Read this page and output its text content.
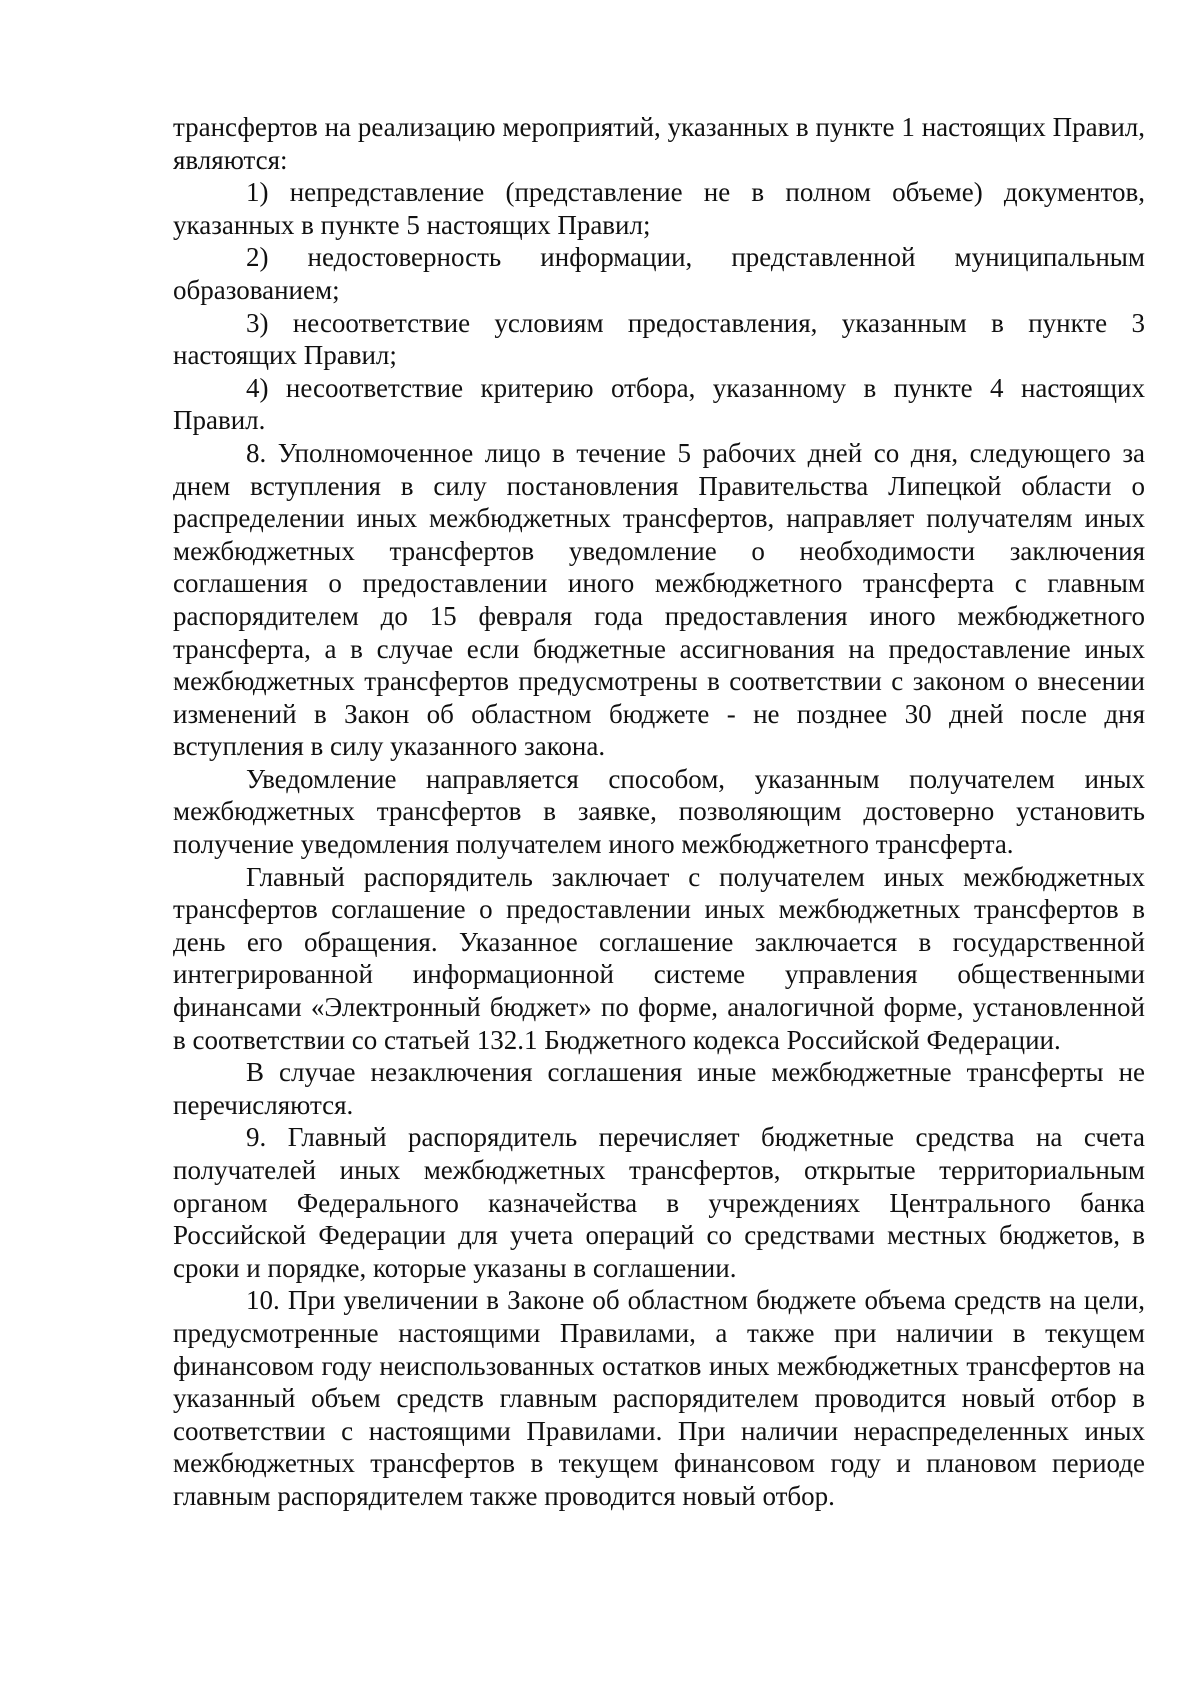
трансфертов на реализацию мероприятий, указанных в пункте 1 настоящих Правил, являются:

1) непредставление (представление не в полном объеме) документов, указанных в пункте 5 настоящих Правил;

2) недостоверность информации, представленной муниципальным образованием;

3) несоответствие условиям предоставления, указанным в пункте 3 настоящих Правил;

4) несоответствие критерию отбора, указанному в пункте 4 настоящих Правил.

8. Уполномоченное лицо в течение 5 рабочих дней со дня, следующего за днем вступления в силу постановления Правительства Липецкой области о распределении иных межбюджетных трансфертов, направляет получателям иных межбюджетных трансфертов уведомление о необходимости заключения соглашения о предоставлении иного межбюджетного трансферта с главным распорядителем до 15 февраля года предоставления иного межбюджетного трансферта, а в случае если бюджетные ассигнования на предоставление иных межбюджетных трансфертов предусмотрены в соответствии с законом о внесении изменений в Закон об областном бюджете - не позднее 30 дней после дня вступления в силу указанного закона.

Уведомление направляется способом, указанным получателем иных межбюджетных трансфертов в заявке, позволяющим достоверно установить получение уведомления получателем иного межбюджетного трансферта.

Главный распорядитель заключает с получателем иных межбюджетных трансфертов соглашение о предоставлении иных межбюджетных трансфертов в день его обращения. Указанное соглашение заключается в государственной интегрированной информационной системе управления общественными финансами «Электронный бюджет» по форме, аналогичной форме, установленной в соответствии со статьей 132.1 Бюджетного кодекса Российской Федерации.

В случае незаключения соглашения иные межбюджетные трансферты не перечисляются.

9. Главный распорядитель перечисляет бюджетные средства на счета получателей иных межбюджетных трансфертов, открытые территориальным органом Федерального казначейства в учреждениях Центрального банка Российской Федерации для учета операций со средствами местных бюджетов, в сроки и порядке, которые указаны в соглашении.

10. При увеличении в Законе об областном бюджете объема средств на цели, предусмотренные настоящими Правилами, а также при наличии в текущем финансовом году неиспользованных остатков иных межбюджетных трансфертов на указанный объем средств главным распорядителем проводится новый отбор в соответствии с настоящими Правилами. При наличии нераспределенных иных межбюджетных трансфертов в текущем финансовом году и плановом периоде главным распорядителем также проводится новый отбор.
